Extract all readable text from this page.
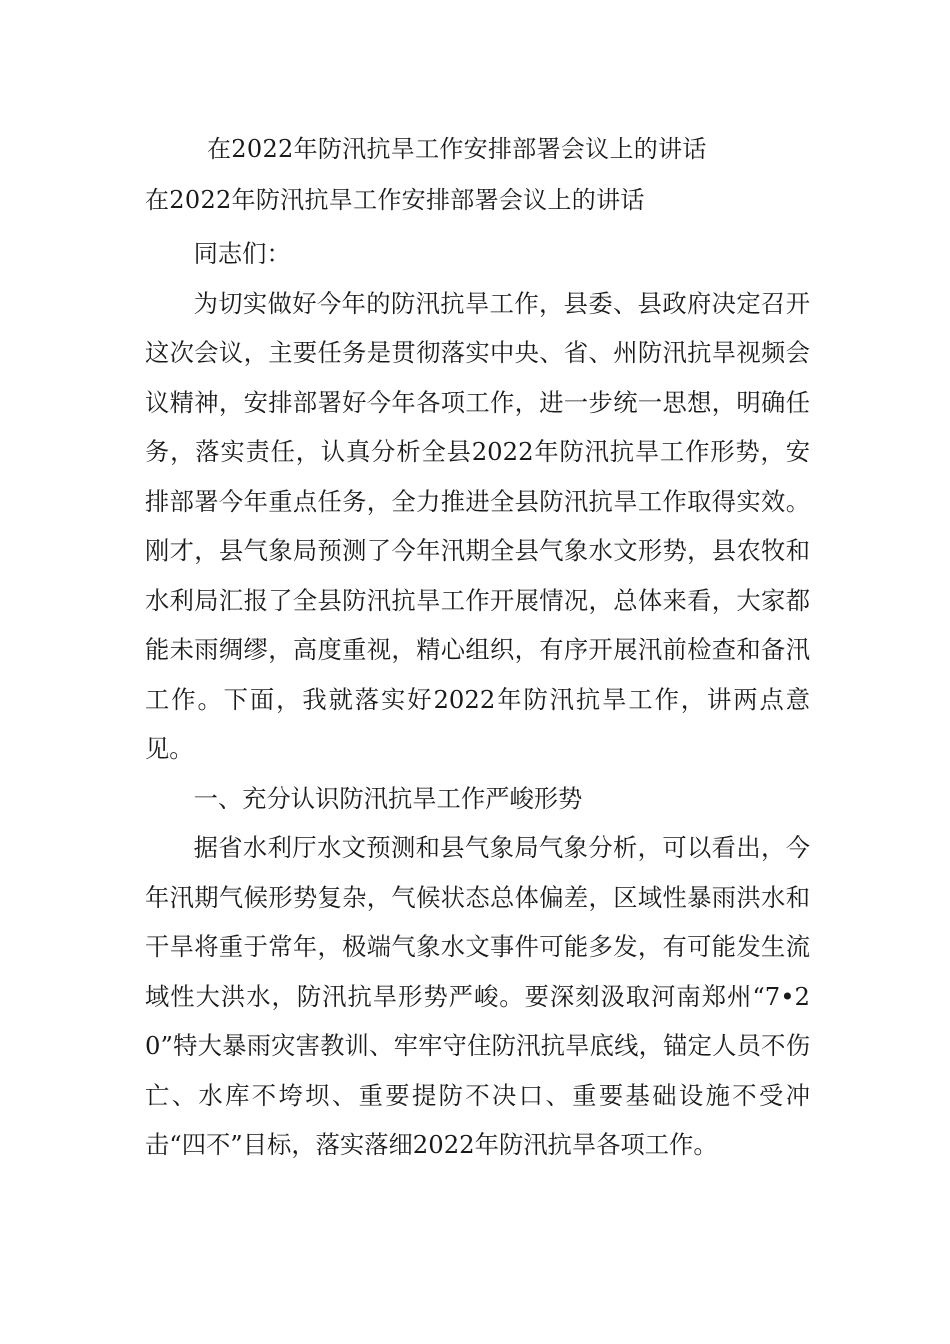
在2022年防汛抗旱工作安排部署会议上的讲话
在2022年防汛抗旱工作安排部署会议上的讲话

同志们：

为切实做好今年的防汛抗旱工作，县委、县政府决定召开这次会议，主要任务是贯彻落实中央、省、州防汛抗旱视频会议精神，安排部署好今年各项工作，进一步统一思想，明确任务，落实责任，认真分析全县2022年防汛抗旱工作形势，安排部署今年重点任务，全力推进全县防汛抗旱工作取得实效。刚才，县气象局预测了今年汛期全县气象水文形势，县农牧和水利局汇报了全县防汛抗旱工作开展情况，总体来看，大家都能未雨绸缪，高度重视，精心组织，有序开展汛前检查和备汛工作。下面，我就落实好2022年防汛抗旱工作，讲两点意见。

一、充分认识防汛抗旱工作严峻形势

据省水利厅水文预测和县气象局气象分析，可以看出，今年汛期气候形势复杂，气候状态总体偏差，区域性暴雨洪水和干旱将重于常年，极端气象水文事件可能多发，有可能发生流域性大洪水，防汛抗旱形势严峻。要深刻汲取河南郑州“7•20”特大暴雨灾害教训、牢牢守住防汛抗旱底线，锚定人员不伤亡、水库不垮坝、重要提防不决口、重要基础设施不受冲击“四不”目标，落实落细2022年防汛抗旱各项工作。
